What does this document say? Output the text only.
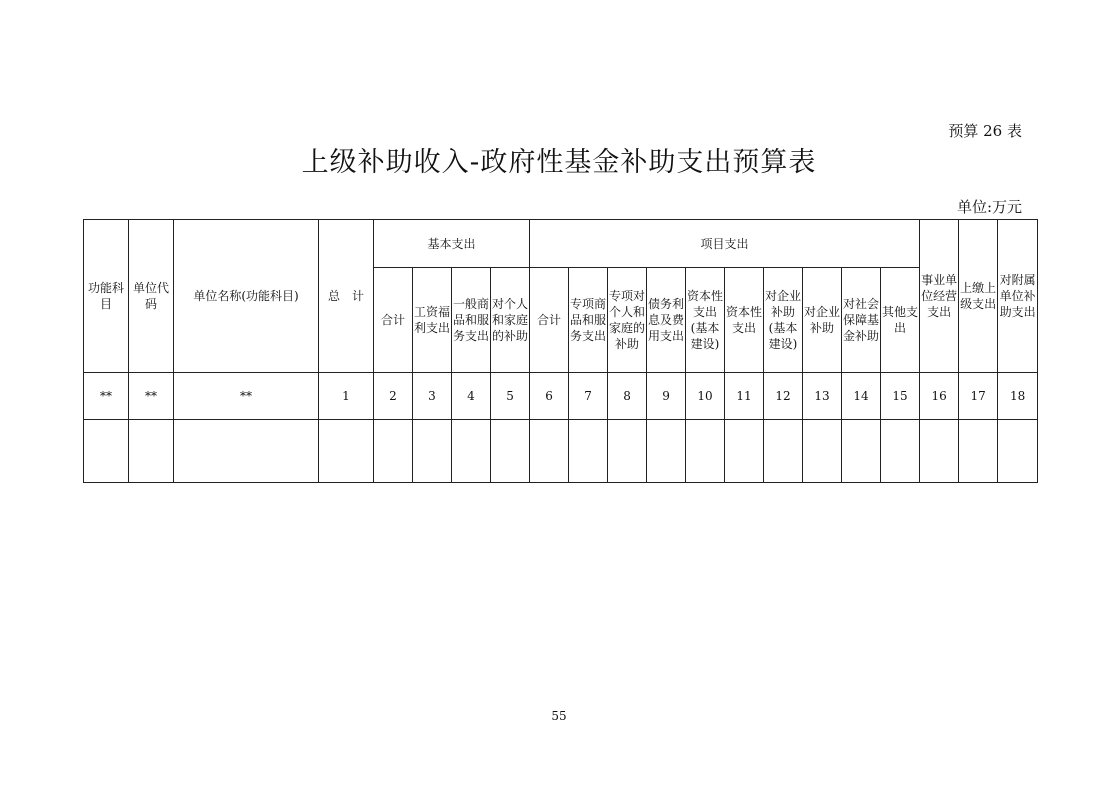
预算 26 表
上级补助收入-政府性基金补助支出预算表
单位:万元
功能科目	单位代码	单位名称(功能科目)	总　计	基本支出				项目支出										事业单位经营支出	上缴上级支出	对附属单位补助支出
				合计	工资福利支出	一般商品和服务支出	对个人和家庭的补助	合计	专项商品和服务支出	专项对个人和家庭的补助	债务利息及费用支出	资本性支出(基本建设)	资本性支出	对企业补助(基本建设)	对企业补助	对社会保障基金补助	其他支出			
**	**	**	1	2	3	4	5	6	7	8	9	10	11	12	13	14	15	16	17	18

55
